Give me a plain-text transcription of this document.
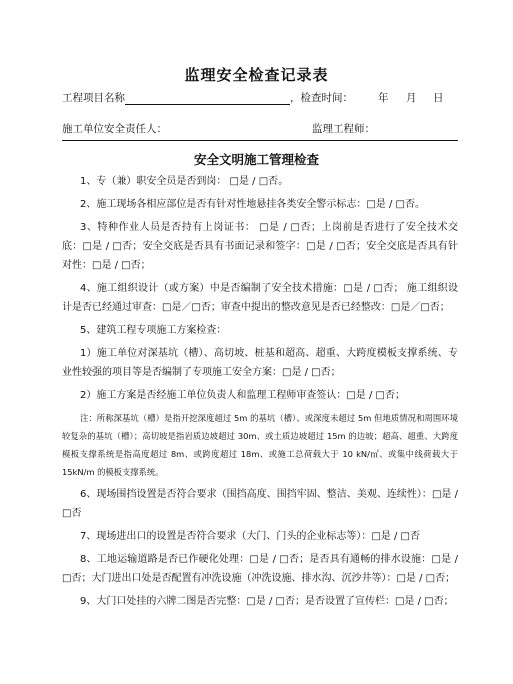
监理安全检查记录表
工程项目名称	，检查时间： 年 月 日
施工单位安全责任人：	监理工程师：
安全文明施工管理检查

1、专（兼）职安全员是否到岗： □是 / □否。

2、施工现场各相应部位是否有针对性地悬挂各类安全警示标志：□是 / □否。

3、特种作业人员是否持有上岗证书： □是 / □否；上岗前是否进行了安全技术交底：□是 / □否；安全交底是否具有书面记录和签字：□是 / □否；安全交底是否具有针对性：□是 / □否；

4、施工组织设计（或方案）中是否编制了安全技术措施：□是 / □否； 施工组织设计是否已经通过审查：□是／□否；审查中提出的整改意见是否已经整改：□是／□否；

5、建筑工程专项施工方案检查：

1）施工单位对深基坑（槽）、高切坡、桩基和超高、超重、大跨度模板支撑系统、专业性较强的项目等是否编制了专项施工安全方案：□是 / □否；

2）施工方案是否经施工单位负责人和监理工程师审查签认：□是 / □否；

注：所称深基坑（槽）是指开挖深度超过 5m 的基坑（槽）、或深度未超过 5m 但地质情况和周围环境较复杂的基坑（槽）；高切坡是指岩质边坡超过 30m、或土质边坡超过 15m 的边坡；超高、超重、大跨度模板支撑系统是指高度超过 8m、或跨度超过 18m、或施工总荷载大于 10 kN/㎡、或集中线荷载大于 15kN/m 的模板支撑系统。

6、现场围挡设置是否符合要求（围挡高度、围挡牢固、整洁、美观、连续性）：□是 / □否

7、现场进出口的设置是否符合要求（大门、门头的企业标志等）：□是 / □否

8、工地运输道路是否已作硬化处理：□是 / □否；是否具有通畅的排水设施：□是 / □否；大门进出口处是否配置有冲洗设施（冲洗设施、排水沟、沉沙井等）：□是 / □否；

9、大门口处挂的六牌二图是否完整：□是 / □否；是否设置了宣传栏：□是 / □否；
